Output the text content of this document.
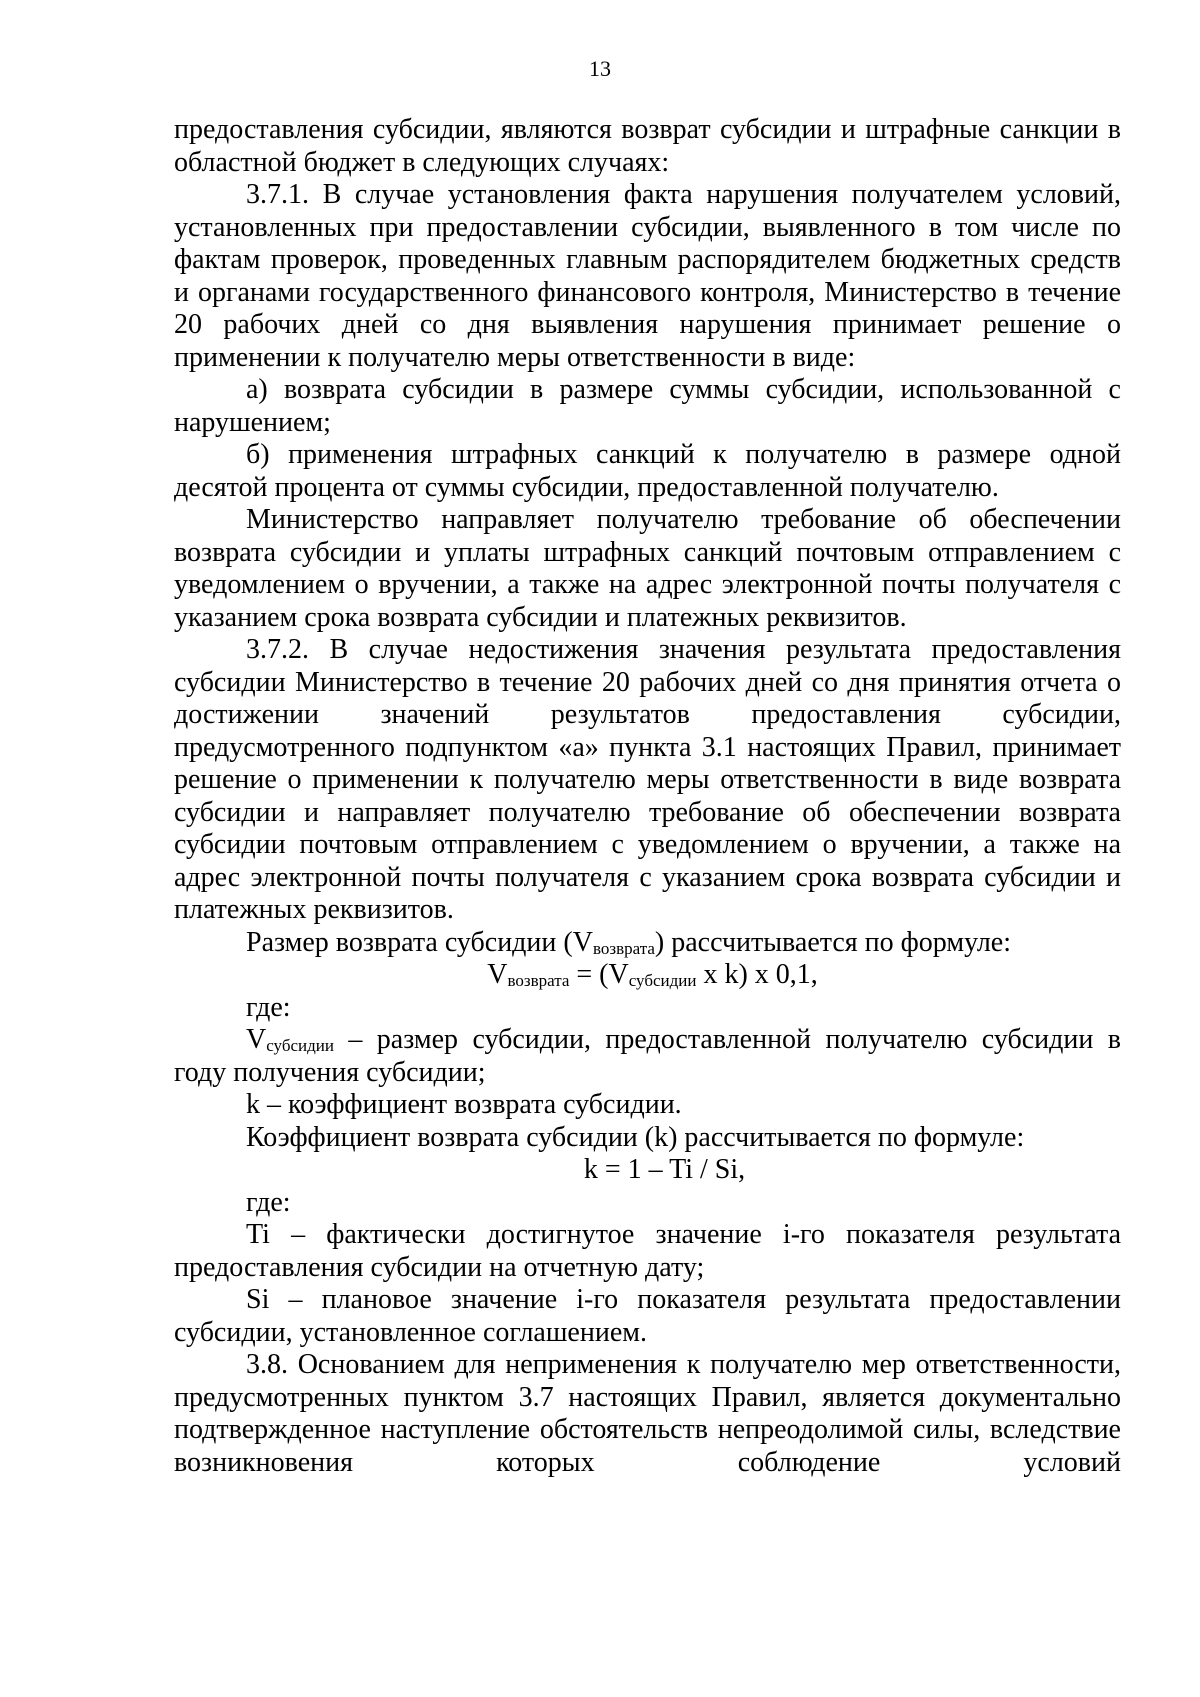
13

предоставления субсидии, являются возврат субсидии и штрафные санкции в областной бюджет в следующих случаях:

3.7.1. В случае установления факта нарушения получателем условий, установленных при предоставлении субсидии, выявленного в том числе по фактам проверок, проведенных главным распорядителем бюджетных средств и органами государственного финансового контроля, Министерство в течение 20 рабочих дней со дня выявления нарушения принимает решение о применении к получателю меры ответственности в виде:

а) возврата субсидии в размере суммы субсидии, использованной с нарушением;

б) применения штрафных санкций к получателю в размере одной десятой процента от суммы субсидии, предоставленной получателю.

Министерство направляет получателю требование об обеспечении возврата субсидии и уплаты штрафных санкций почтовым отправлением с уведомлением о вручении, а также на адрес электронной почты получателя с указанием срока возврата субсидии и платежных реквизитов.

3.7.2. В случае недостижения значения результата предоставления субсидии Министерство в течение 20 рабочих дней со дня принятия отчета о достижении значений результатов предоставления субсидии, предусмотренного подпунктом «а» пункта 3.1 настоящих Правил, принимает решение о применении к получателю меры ответственности в виде возврата субсидии и направляет получателю требование об обеспечении возврата субсидии почтовым отправлением с уведомлением о вручении, а также на адрес электронной почты получателя с указанием срока возврата субсидии и платежных реквизитов.

Размер возврата субсидии $(V_{возврата})$ рассчитывается по формуле:

$V_{возврата} = (V_{субсидии}$ x k) x 0,1,

где:

$V_{субсидии}$ – размер субсидии, предоставленной получателю субсидии в году получения субсидии;

k – коэффициент возврата субсидии.

Коэффициент возврата субсидии (k) рассчитывается по формуле:

k = 1 – Ti / Si,

где:

Ti – фактически достигнутое значение i-го показателя результата предоставления субсидии на отчетную дату;

Si – плановое значение i-го показателя результата предоставлении субсидии, установленное соглашением.

3.8. Основанием для неприменения к получателю мер ответственности, предусмотренных пунктом 3.7 настоящих Правил, является документально подтвержденное наступление обстоятельств непреодолимой силы, вследствие возникновения которых соблюдение условий
